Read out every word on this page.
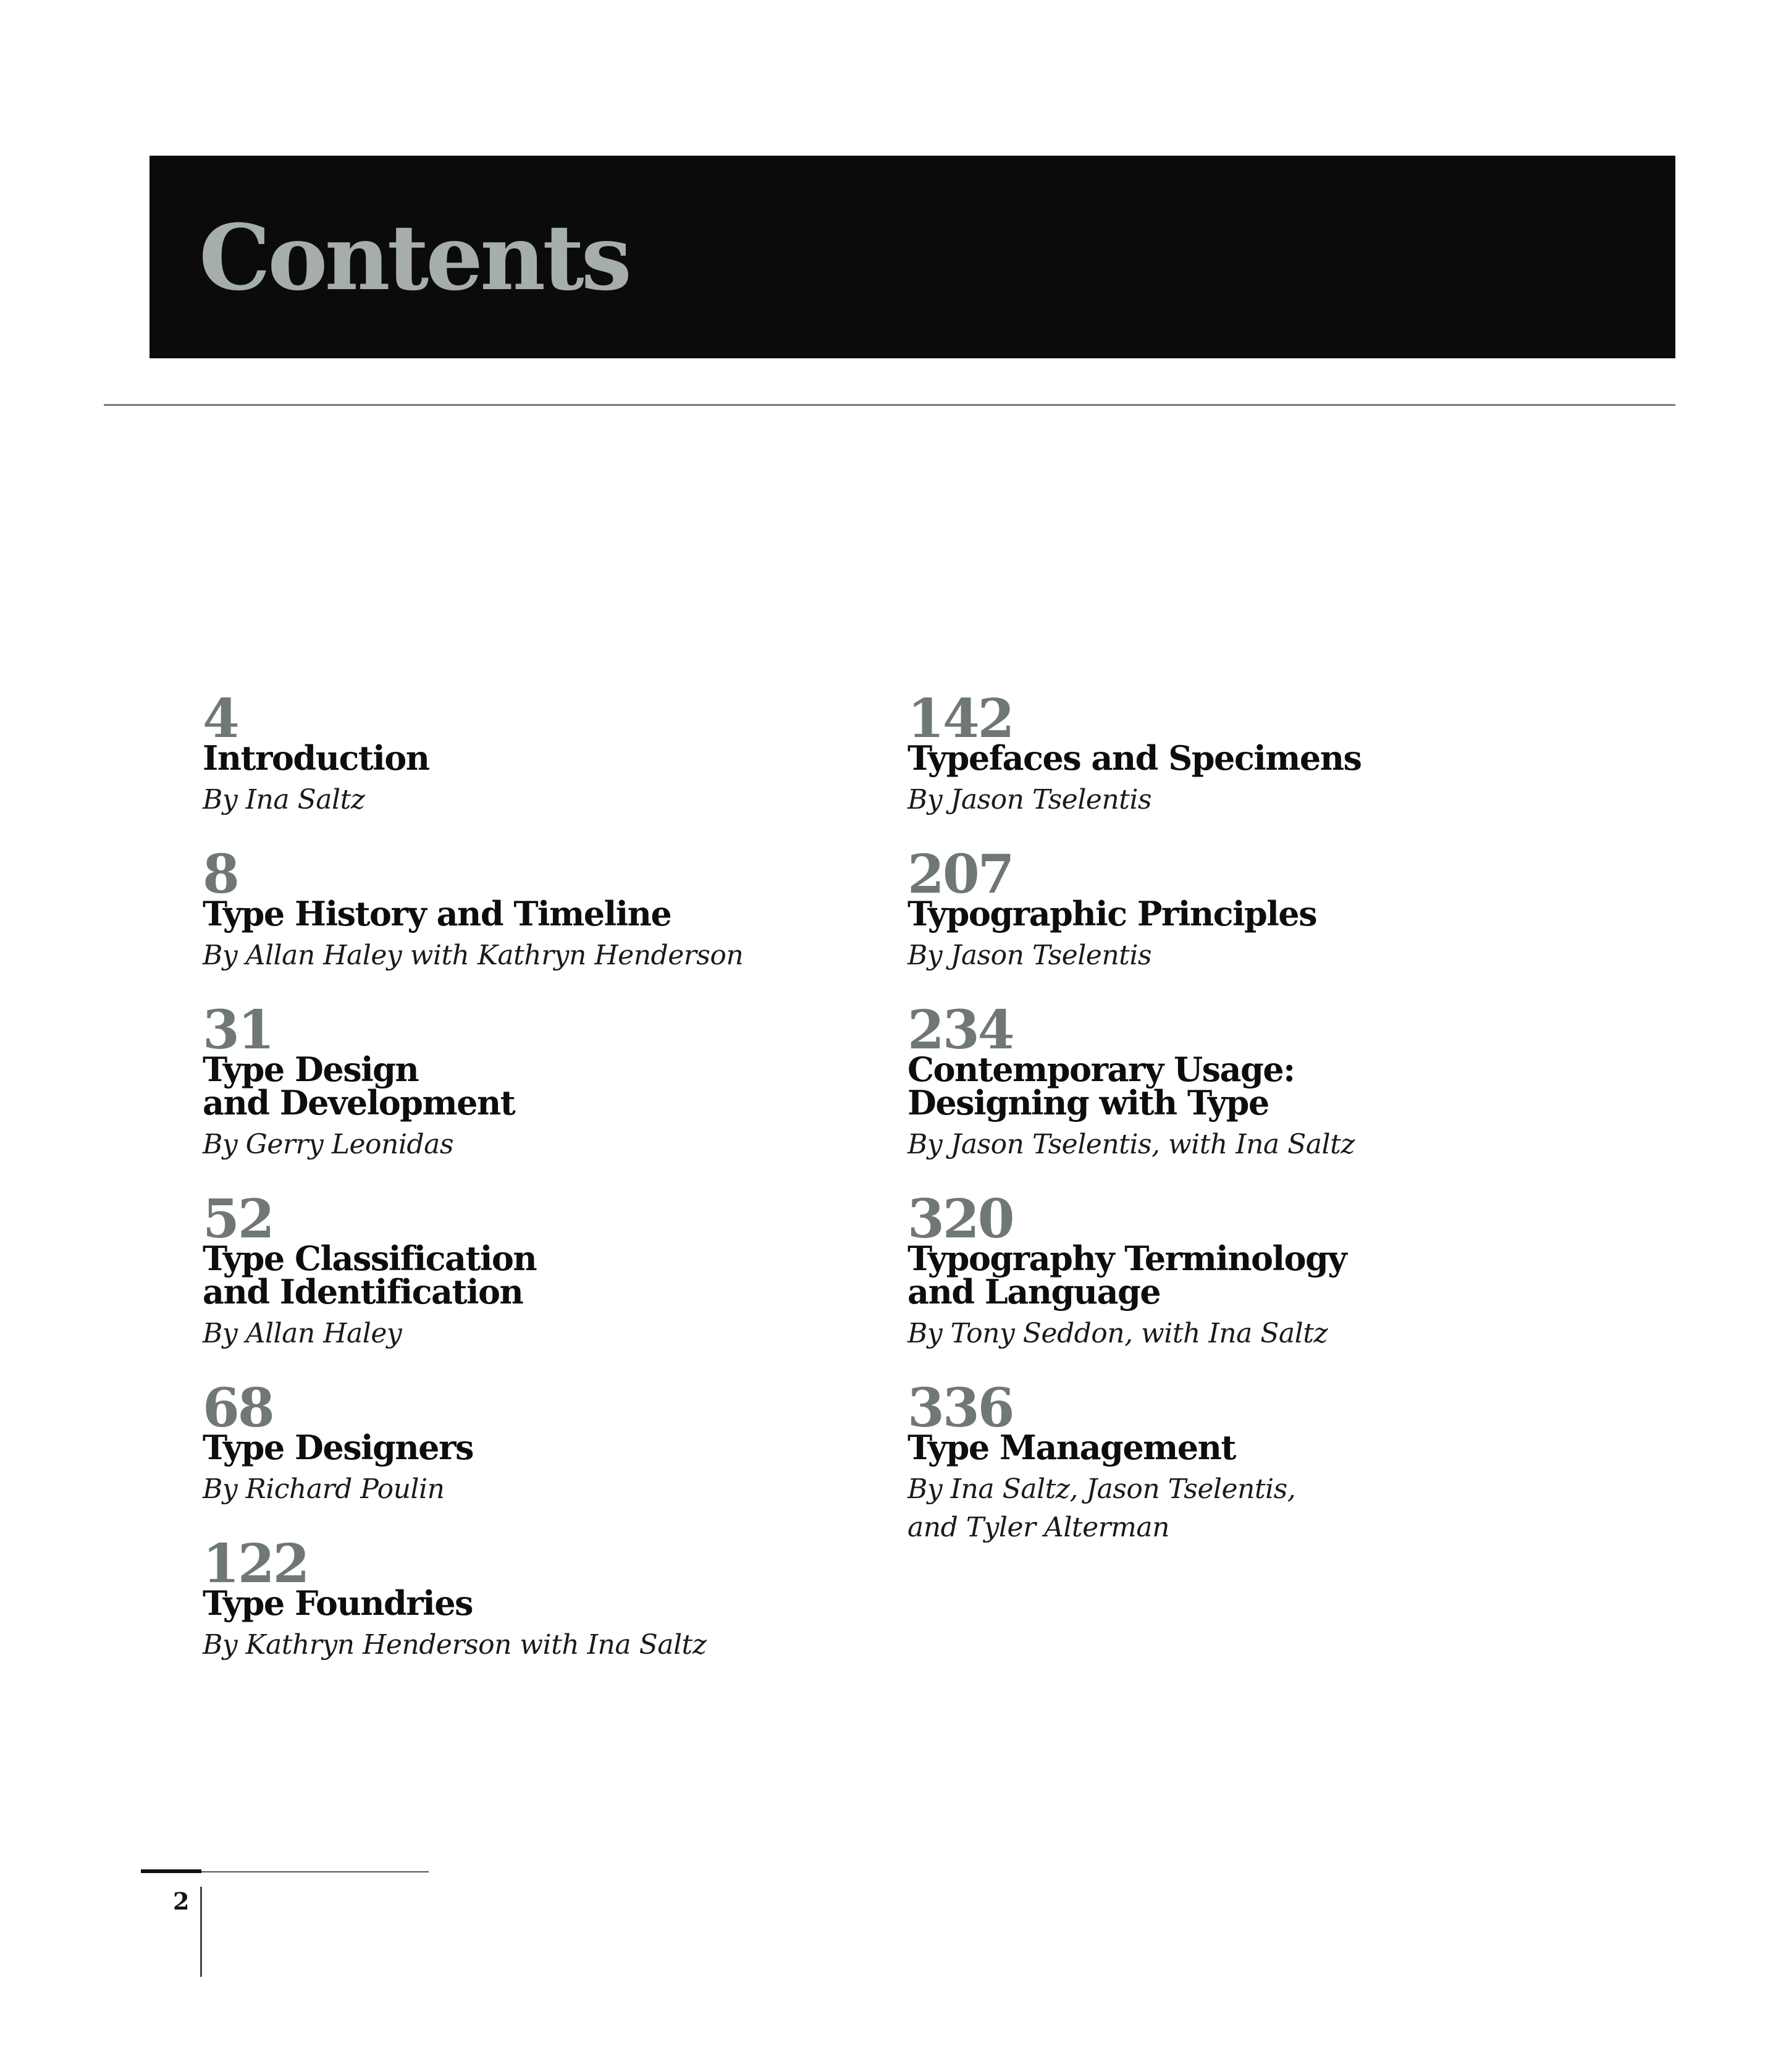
Contents
4
Introduction
By Ina Saltz
8
Type History and Timeline
By Allan Haley with Kathryn Henderson
31
Type Design
and Development
By Gerry Leonidas
52
Type Classification
and Identification
By Allan Haley
68
Type Designers
By Richard Poulin
122
Type Foundries
By Kathryn Henderson with Ina Saltz
142
Typefaces and Specimens
By Jason Tselentis
207
Typographic Principles
By Jason Tselentis
234
Contemporary Usage:
Designing with Type
By Jason Tselentis, with Ina Saltz
320
Typography Terminology
and Language
By Tony Seddon, with Ina Saltz
336
Type Management
By Ina Saltz, Jason Tselentis,
and Tyler Alterman
2
